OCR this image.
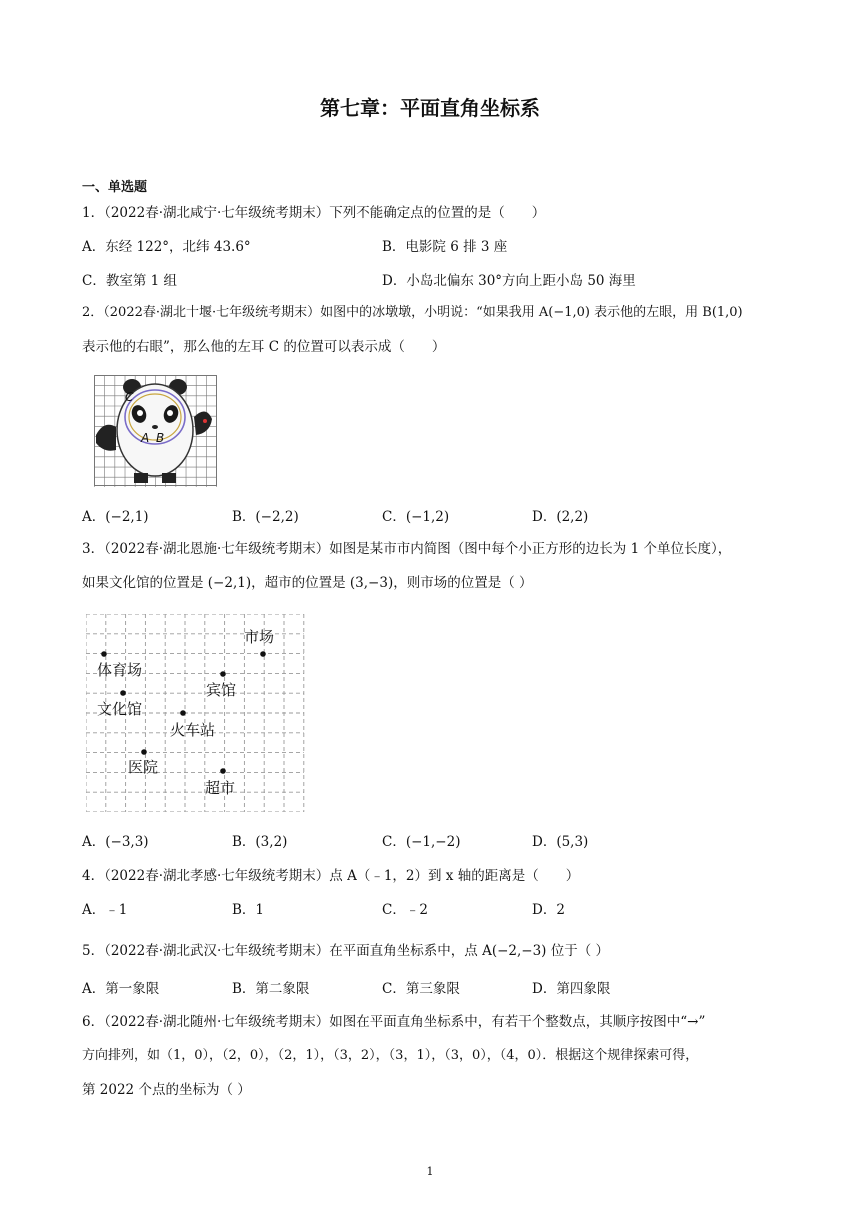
第七章：平面直角坐标系
一、单选题
1．（2022春·湖北咸宁·七年级统考期末）下列不能确定点的位置的是（　　）
A．东经 122°，北纬 43.6°	B．电影院 6 排 3 座
C．教室第 1 组	D．小岛北偏东 30°方向上距小岛 50 海里
2．（2022春·湖北十堰·七年级统考期末）如图中的冰墩墩，小明说：“如果我用 A(−1,0) 表示他的左眼，用 B(1,0)
表示他的右眼”，那么他的左耳 C 的位置可以表示成（　　）
C
A B
A．(−2,1)	B．(−2,2)	C．(−1,2)	D．(2,2)
3．（2022春·湖北恩施·七年级统考期末）如图是某市市内简图（图中每个小正方形的边长为 1 个单位长度），
如果文化馆的位置是 (−2,1)，超市的位置是 (3,−3)，则市场的位置是（ ）
市场
体育场
宾馆
文化馆
火车站
医院
超市
A．(−3,3)	B．(3,2)	C．(−1,−2)	D．(5,3)
4．（2022春·湖北孝感·七年级统考期末）点 A（﹣1，2）到 x 轴的距离是（　　）
A．﹣1	B．1	C．﹣2	D．2
5．（2022春·湖北武汉·七年级统考期末）在平面直角坐标系中，点 A(−2,−3) 位于（ ）
A．第一象限	B．第二象限	C．第三象限	D．第四象限
6．（2022春·湖北随州·七年级统考期末）如图在平面直角坐标系中，有若干个整数点，其顺序按图中“→”
方向排列，如（1，0），（2，0），（2，1），（3，2），（3，1），（3，0），（4，0）．根据这个规律探索可得，
第 2022 个点的坐标为（ ）
1
